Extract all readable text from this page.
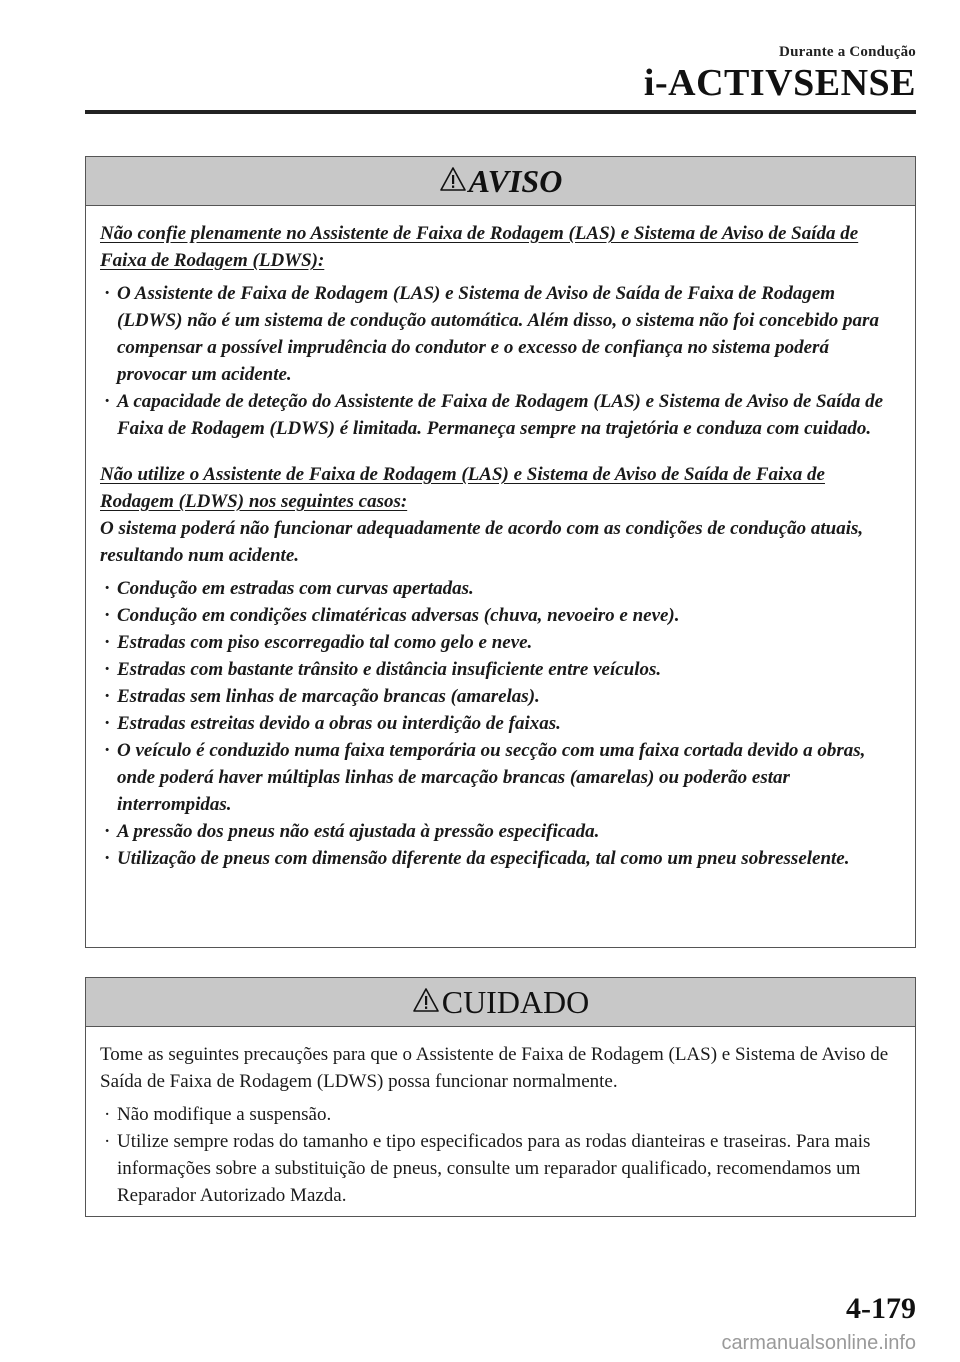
Durante a Condução
i-ACTIVSENSE
AVISO

Não confie plenamente no Assistente de Faixa de Rodagem (LAS) e Sistema de Aviso de Saída de Faixa de Rodagem (LDWS):

· O Assistente de Faixa de Rodagem (LAS) e Sistema de Aviso de Saída de Faixa de Rodagem (LDWS) não é um sistema de condução automática. Além disso, o sistema não foi concebido para compensar a possível imprudência do condutor e o excesso de confiança no sistema poderá provocar um acidente.
· A capacidade de deteção do Assistente de Faixa de Rodagem (LAS) e Sistema de Aviso de Saída de Faixa de Rodagem (LDWS) é limitada. Permaneça sempre na trajetória e conduza com cuidado.

Não utilize o Assistente de Faixa de Rodagem (LAS) e Sistema de Aviso de Saída de Faixa de Rodagem (LDWS) nos seguintes casos:

O sistema poderá não funcionar adequadamente de acordo com as condições de condução atuais, resultando num acidente.

· Condução em estradas com curvas apertadas.
· Condução em condições climatéricas adversas (chuva, nevoeiro e neve).
· Estradas com piso escorregadio tal como gelo e neve.
· Estradas com bastante trânsito e distância insuficiente entre veículos.
· Estradas sem linhas de marcação brancas (amarelas).
· Estradas estreitas devido a obras ou interdição de faixas.
· O veículo é conduzido numa faixa temporária ou secção com uma faixa cortada devido a obras, onde poderá haver múltiplas linhas de marcação brancas (amarelas) ou poderão estar interrompidas.
· A pressão dos pneus não está ajustada à pressão especificada.
· Utilização de pneus com dimensão diferente da especificada, tal como um pneu sobresselente.
CUIDADO

Tome as seguintes precauções para que o Assistente de Faixa de Rodagem (LAS) e Sistema de Aviso de Saída de Faixa de Rodagem (LDWS) possa funcionar normalmente.

· Não modifique a suspensão.
· Utilize sempre rodas do tamanho e tipo especificados para as rodas dianteiras e traseiras. Para mais informações sobre a substituição de pneus, consulte um reparador qualificado, recomendamos um Reparador Autorizado Mazda.
4-179
carmanualsonline.info
